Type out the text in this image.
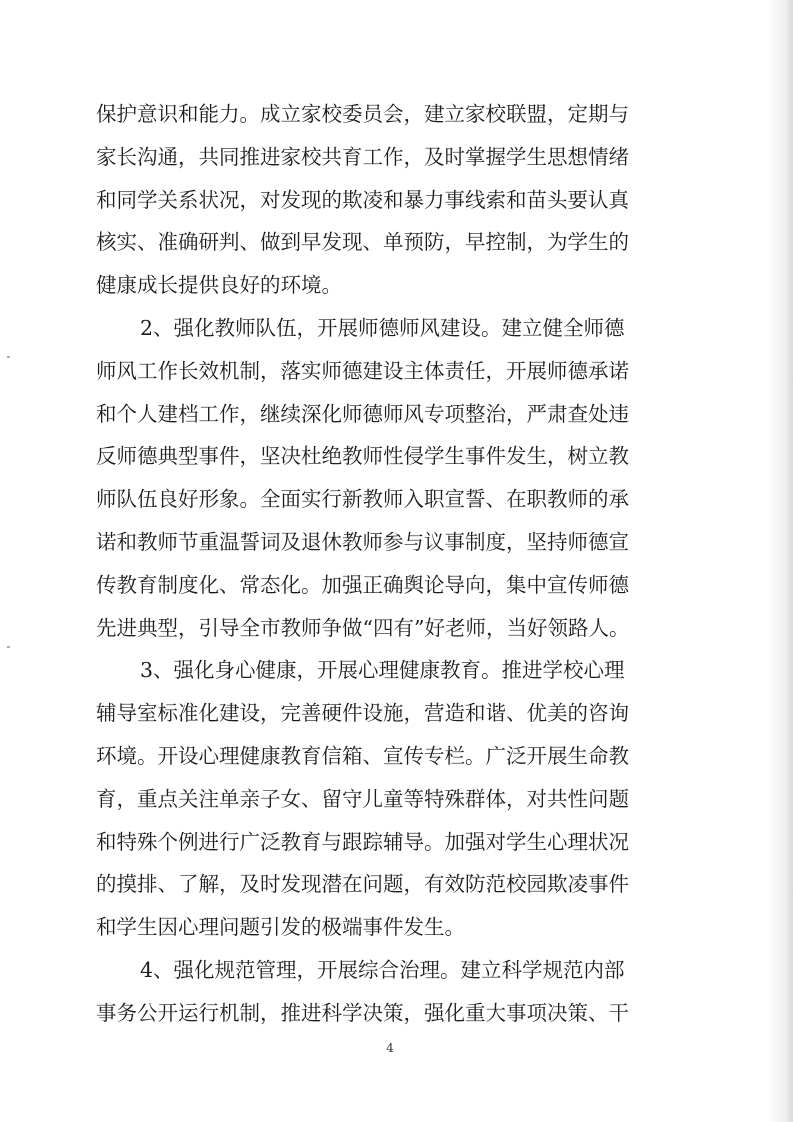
保护意识和能力。成立家校委员会，建立家校联盟，定期与
家长沟通，共同推进家校共育工作，及时掌握学生思想情绪
和同学关系状况，对发现的欺凌和暴力事线索和苗头要认真
核实、准确研判、做到早发现、单预防，早控制，为学生的
健康成长提供良好的环境。
2、强化教师队伍，开展师德师风建设。建立健全师德
师风工作长效机制，落实师德建设主体责任，开展师德承诺
和个人建档工作，继续深化师德师风专项整治，严肃查处违
反师德典型事件，坚决杜绝教师性侵学生事件发生，树立教
师队伍良好形象。全面实行新教师入职宣誓、在职教师的承
诺和教师节重温誓词及退休教师参与议事制度，坚持师德宣
传教育制度化、常态化。加强正确舆论导向，集中宣传师德
先进典型，引导全市教师争做“四有”好老师，当好领路人。
3、强化身心健康，开展心理健康教育。推进学校心理
辅导室标准化建设，完善硬件设施，营造和谐、优美的咨询
环境。开设心理健康教育信箱、宣传专栏。广泛开展生命教
育，重点关注单亲子女、留守儿童等特殊群体，对共性问题
和特殊个例进行广泛教育与跟踪辅导。加强对学生心理状况
的摸排、了解，及时发现潜在问题，有效防范校园欺凌事件
和学生因心理问题引发的极端事件发生。
4、强化规范管理，开展综合治理。建立科学规范内部
事务公开运行机制，推进科学决策，强化重大事项决策、干
4
